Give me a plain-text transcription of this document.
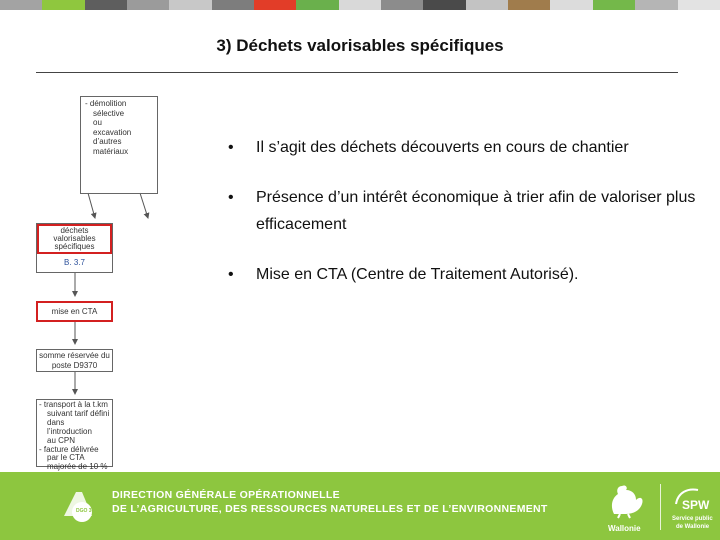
3) Déchets valorisables spécifiques
• Il s’agit des déchets découverts en cours de chantier
• Présence d’un intérêt économique à trier afin de valoriser plus efficacement
• Mise en CTA (Centre de Traitement Autorisé).
- démolition
sélective
ou
excavation
d’autres matériaux
déchets
valorisables
spécifiques
B. 3.7
mise en CTA
somme réservée du
poste D9370
- transport à la t.km
suivant tarif défini
dans l’introduction
au CPN
- facture délivrée
par le CTA
majorée de 10 %
DGO 3
DIRECTION GÉNÉRALE OPÉRATIONNELLE
DE L’AGRICULTURE, DES RESSOURCES NATURELLES ET DE L’ENVIRONNEMENT
Wallonie
SPW
Service public
de Wallonie
